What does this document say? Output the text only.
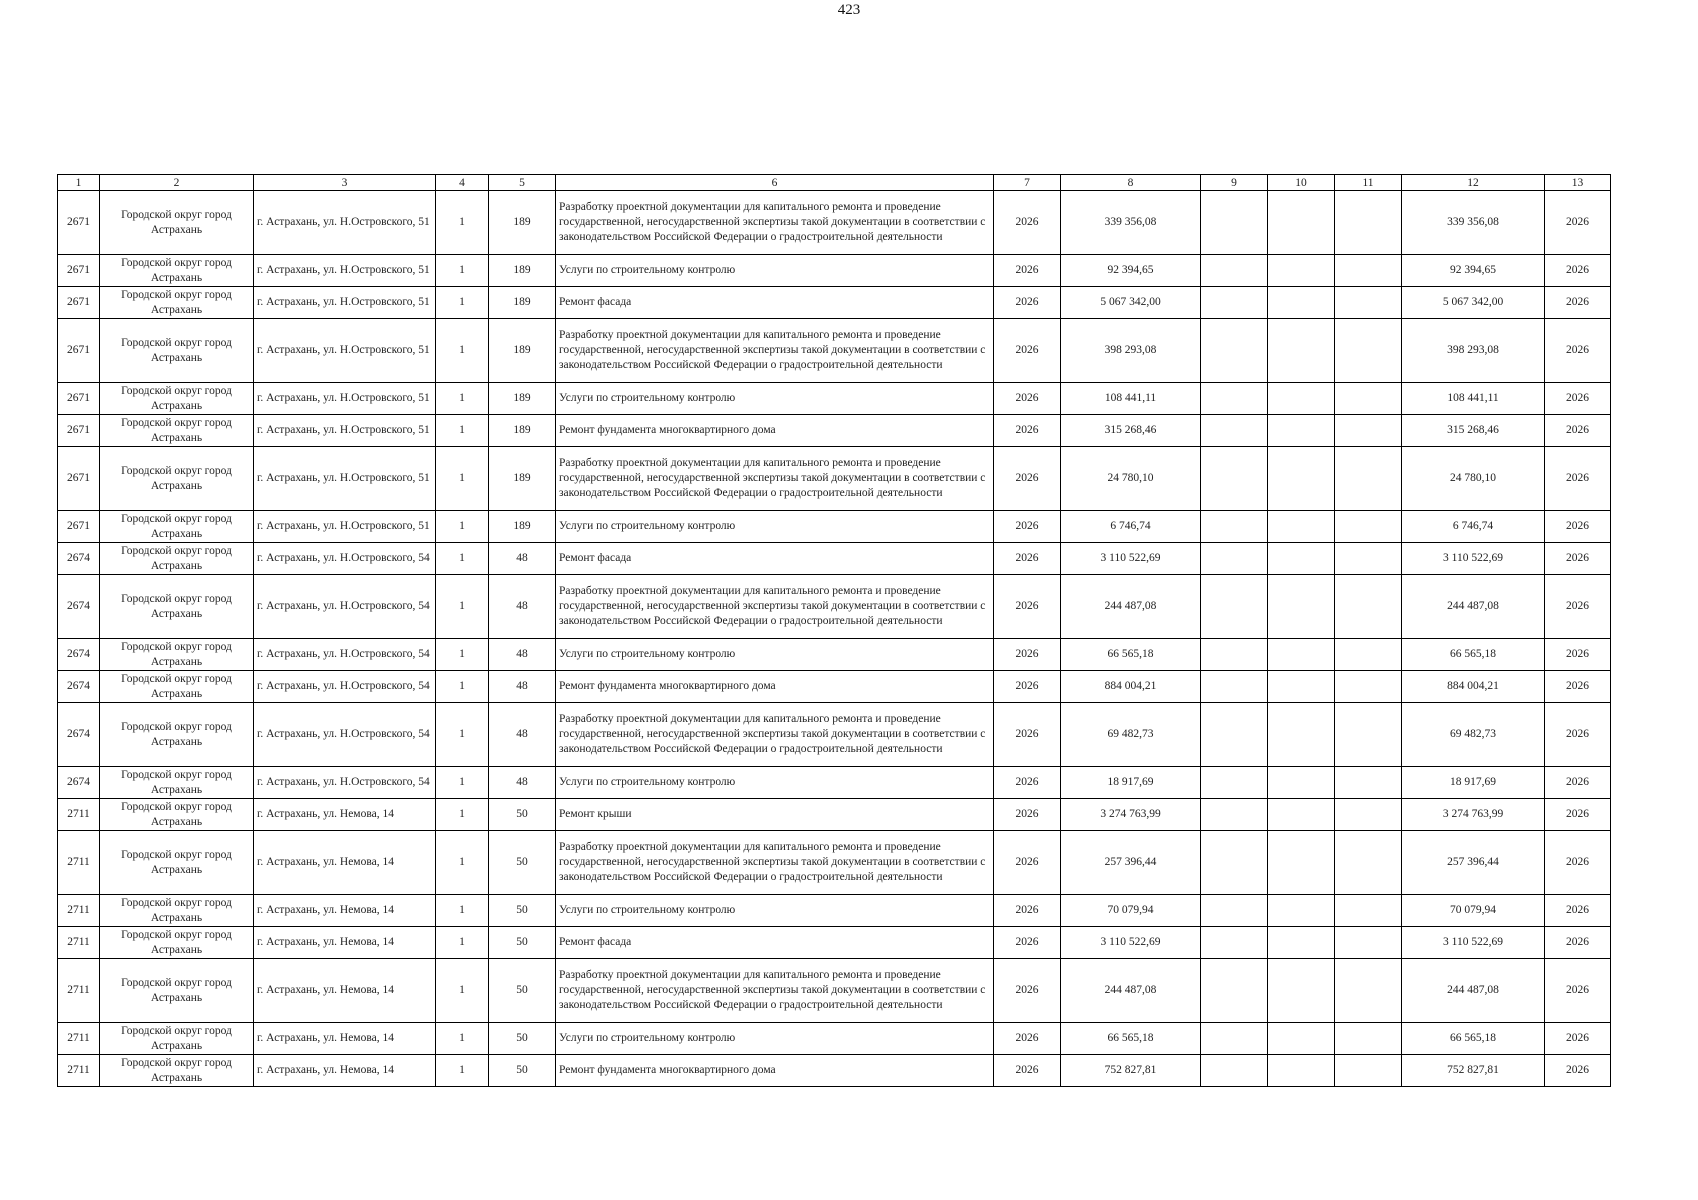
423
1	2	3	4	5	6	7	8	9	10	11	12	13
2671	Городской округ город Астрахань	г. Астрахань, ул. Н.Островского, 51	1	189	Разработку проектной документации для капитального ремонта и проведение государственной, негосударственной экспертизы такой документации в соответствии с законодательством Российской Федерации о градостроительной деятельности	2026	339 356,08				339 356,08	2026
2671	Городской округ город Астрахань	г. Астрахань, ул. Н.Островского, 51	1	189	Услуги по строительному контролю	2026	92 394,65				92 394,65	2026
2671	Городской округ город Астрахань	г. Астрахань, ул. Н.Островского, 51	1	189	Ремонт фасада	2026	5 067 342,00				5 067 342,00	2026
2671	Городской округ город Астрахань	г. Астрахань, ул. Н.Островского, 51	1	189	Разработку проектной документации для капитального ремонта и проведение государственной, негосударственной экспертизы такой документации в соответствии с законодательством Российской Федерации о градостроительной деятельности	2026	398 293,08				398 293,08	2026
2671	Городской округ город Астрахань	г. Астрахань, ул. Н.Островского, 51	1	189	Услуги по строительному контролю	2026	108 441,11				108 441,11	2026
2671	Городской округ город Астрахань	г. Астрахань, ул. Н.Островского, 51	1	189	Ремонт фундамента многоквартирного дома	2026	315 268,46				315 268,46	2026
2671	Городской округ город Астрахань	г. Астрахань, ул. Н.Островского, 51	1	189	Разработку проектной документации для капитального ремонта и проведение государственной, негосударственной экспертизы такой документации в соответствии с законодательством Российской Федерации о градостроительной деятельности	2026	24 780,10				24 780,10	2026
2671	Городской округ город Астрахань	г. Астрахань, ул. Н.Островского, 51	1	189	Услуги по строительному контролю	2026	6 746,74				6 746,74	2026
2674	Городской округ город Астрахань	г. Астрахань, ул. Н.Островского, 54	1	48	Ремонт фасада	2026	3 110 522,69				3 110 522,69	2026
2674	Городской округ город Астрахань	г. Астрахань, ул. Н.Островского, 54	1	48	Разработку проектной документации для капитального ремонта и проведение государственной, негосударственной экспертизы такой документации в соответствии с законодательством Российской Федерации о градостроительной деятельности	2026	244 487,08				244 487,08	2026
2674	Городской округ город Астрахань	г. Астрахань, ул. Н.Островского, 54	1	48	Услуги по строительному контролю	2026	66 565,18				66 565,18	2026
2674	Городской округ город Астрахань	г. Астрахань, ул. Н.Островского, 54	1	48	Ремонт фундамента многоквартирного дома	2026	884 004,21				884 004,21	2026
2674	Городской округ город Астрахань	г. Астрахань, ул. Н.Островского, 54	1	48	Разработку проектной документации для капитального ремонта и проведение государственной, негосударственной экспертизы такой документации в соответствии с законодательством Российской Федерации о градостроительной деятельности	2026	69 482,73				69 482,73	2026
2674	Городской округ город Астрахань	г. Астрахань, ул. Н.Островского, 54	1	48	Услуги по строительному контролю	2026	18 917,69				18 917,69	2026
2711	Городской округ город Астрахань	г. Астрахань, ул. Немова, 14	1	50	Ремонт крыши	2026	3 274 763,99				3 274 763,99	2026
2711	Городской округ город Астрахань	г. Астрахань, ул. Немова, 14	1	50	Разработку проектной документации для капитального ремонта и проведение государственной, негосударственной экспертизы такой документации в соответствии с законодательством Российской Федерации о градостроительной деятельности	2026	257 396,44				257 396,44	2026
2711	Городской округ город Астрахань	г. Астрахань, ул. Немова, 14	1	50	Услуги по строительному контролю	2026	70 079,94				70 079,94	2026
2711	Городской округ город Астрахань	г. Астрахань, ул. Немова, 14	1	50	Ремонт фасада	2026	3 110 522,69				3 110 522,69	2026
2711	Городской округ город Астрахань	г. Астрахань, ул. Немова, 14	1	50	Разработку проектной документации для капитального ремонта и проведение государственной, негосударственной экспертизы такой документации в соответствии с законодательством Российской Федерации о градостроительной деятельности	2026	244 487,08				244 487,08	2026
2711	Городской округ город Астрахань	г. Астрахань, ул. Немова, 14	1	50	Услуги по строительному контролю	2026	66 565,18				66 565,18	2026
2711	Городской округ город Астрахань	г. Астрахань, ул. Немова, 14	1	50	Ремонт фундамента многоквартирного дома	2026	752 827,81				752 827,81	2026
